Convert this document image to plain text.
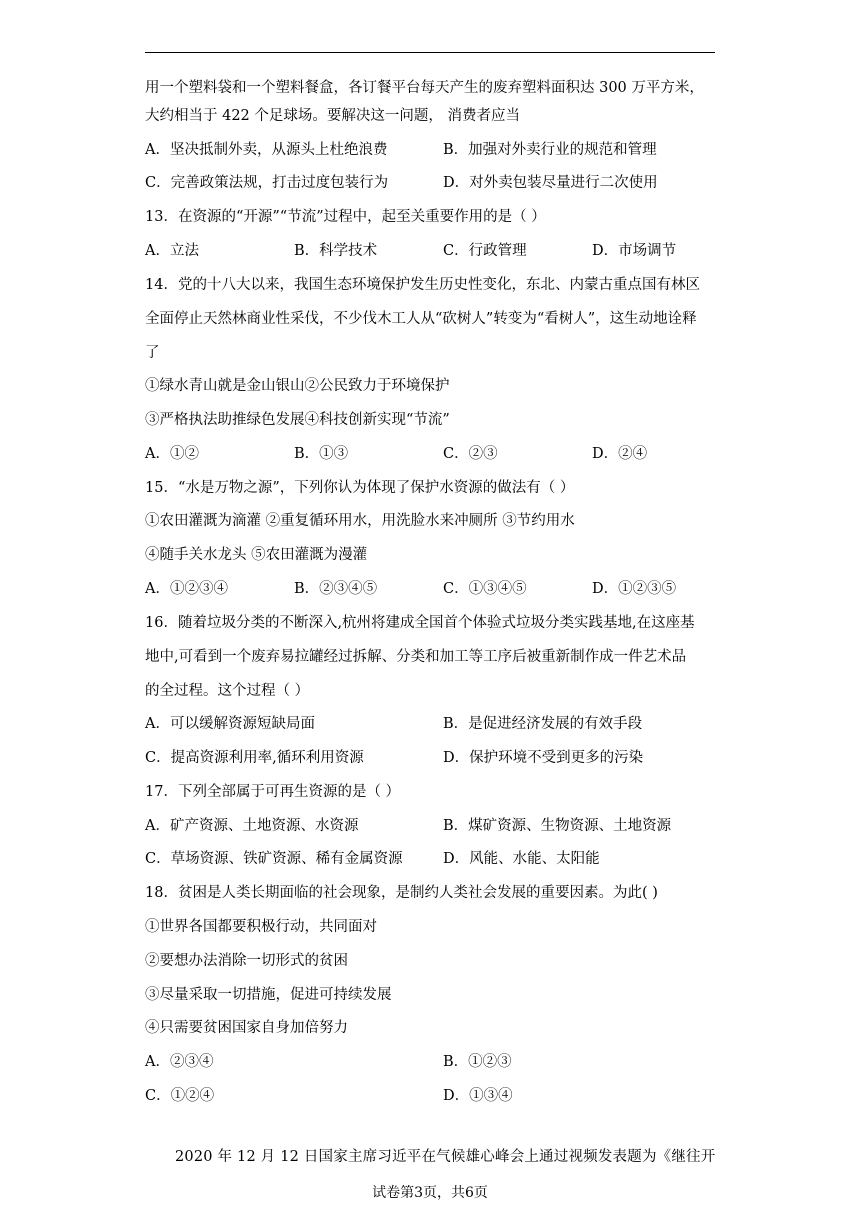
用一个塑料袋和一个塑料餐盒，各订餐平台每天产生的废弃塑料面积达 300 万平方米，
大约相当于 422 个足球场。要解决这一问题， 消费者应当
A．坚决抵制外卖，从源头上杜绝浪费	B．加强对外卖行业的规范和管理
C．完善政策法规，打击过度包装行为	D．对外卖包装尽量进行二次使用
13．在资源的“开源”“节流”过程中，起至关重要作用的是（ ）
A．立法	B．科学技术	C．行政管理	D．市场调节
14．党的十八大以来，我国生态环境保护发生历史性变化，东北、内蒙古重点国有林区
全面停止天然林商业性采伐，不少伐木工人从“砍树人”转变为“看树人”，这生动地诠释
了
①绿水青山就是金山银山②公民致力于环境保护
③严格执法助推绿色发展④科技创新实现“节流”
A．①②	B．①③	C．②③	D．②④
15．“水是万物之源”，下列你认为体现了保护水资源的做法有（ ）
①农田灌溉为滴灌 ②重复循环用水，用洗脸水来冲厕所 ③节约用水
④随手关水龙头 ⑤农田灌溉为漫灌
A．①②③④	B．②③④⑤	C．①③④⑤	D．①②③⑤
16．随着垃圾分类的不断深入,杭州将建成全国首个体验式垃圾分类实践基地,在这座基
地中,可看到一个废弃易拉罐经过拆解、分类和加工等工序后被重新制作成一件艺术品
的全过程。这个过程（ ）
A．可以缓解资源短缺局面	B．是促进经济发展的有效手段
C．提高资源利用率,循环利用资源	D．保护环境不受到更多的污染
17．下列全部属于可再生资源的是（ ）
A．矿产资源、土地资源、水资源	B．煤矿资源、生物资源、土地资源
C．草场资源、铁矿资源、稀有金属资源	D．风能、水能、太阳能
18．贫困是人类长期面临的社会现象，是制约人类社会发展的重要因素。为此( )
①世界各国都要积极行动，共同面对
②要想办法消除一切形式的贫困
③尽量采取一切措施，促进可持续发展
④只需要贫困国家自身加倍努力
A．②③④	B．①②③
C．①②④	D．①③④
2020 年 12 月 12 日国家主席习近平在气候雄心峰会上通过视频发表题为《继往开
试卷第3页，共6页
